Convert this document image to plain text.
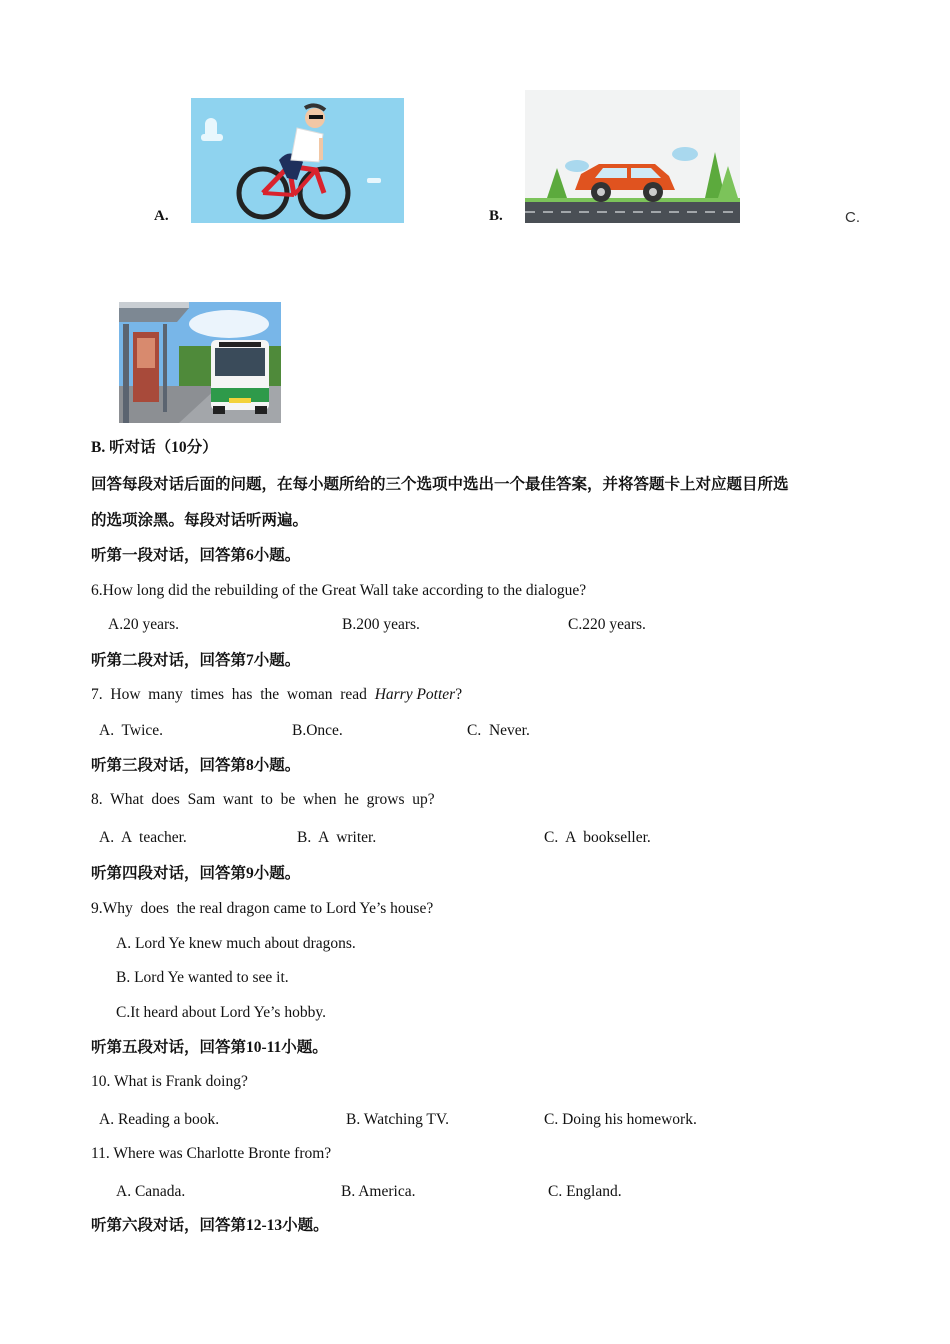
A.	B.	C.
B. 听对话（10分）
回答每段对话后面的问题，在每小题所给的三个选项中选出一个最佳答案，并将答题卡上对应题目所选
的选项涂黑。每段对话听两遍。
听第一段对话，回答第6小题。
6.How long did the rebuilding of the Great Wall take according to the dialogue?
A.20 years.	B.200 years.	C.220 years.
听第二段对话，回答第7小题。
7.  How  many  times  has  the  woman  read  Harry Potter?
A.  Twice.	B.Once.	C.  Never.
听第三段对话，回答第8小题。
8.  What  does  Sam  want  to  be  when  he  grows  up?
A.  A  teacher.	B.  A  writer.	C.  A  bookseller.
听第四段对话，回答第9小题。
9.Why  does  the real dragon came to Lord Ye’s house?
A. Lord Ye knew much about dragons.
B. Lord Ye wanted to see it.
C.It heard about Lord Ye’s hobby.
听第五段对话，回答第10-11小题。
10. What is Frank doing?
A. Reading a book.	B. Watching TV.	C. Doing his homework.
11. Where was Charlotte Bronte from?
A. Canada.	B. America.	C. England.
听第六段对话，回答第12-13小题。
